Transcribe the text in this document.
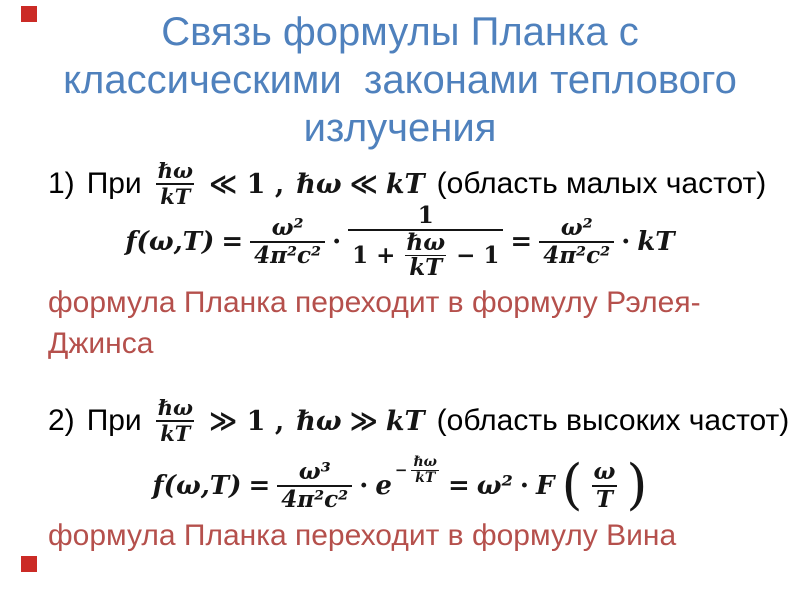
Связь формулы Планка с
классическими  законами теплового
излучения
1) При ℏω
kT ≪ 1 , ℏω ≪ kT (область малых частот)
$f(\omega,T) = \frac{\text{ω²}}{\text{4π²c²}}$ ·
1
1 + ℏω
kT − $1 = \frac{\text{ω²}}{\text{4π²c²}}$ · kT
формула Планка переходит в формулу Рэлея-
Джинса
2) При ℏω
kT ≫ 1 , ℏω ≫ kT (область высоких частот)
$f(\omega,T) = \frac{\text{ω³}}{\text{4π²c²}} \cdot e$
− ℏω
kT = ω² · F ( $\frac{\omega}{T}$ )
формула Планка переходит в формулу Вина
